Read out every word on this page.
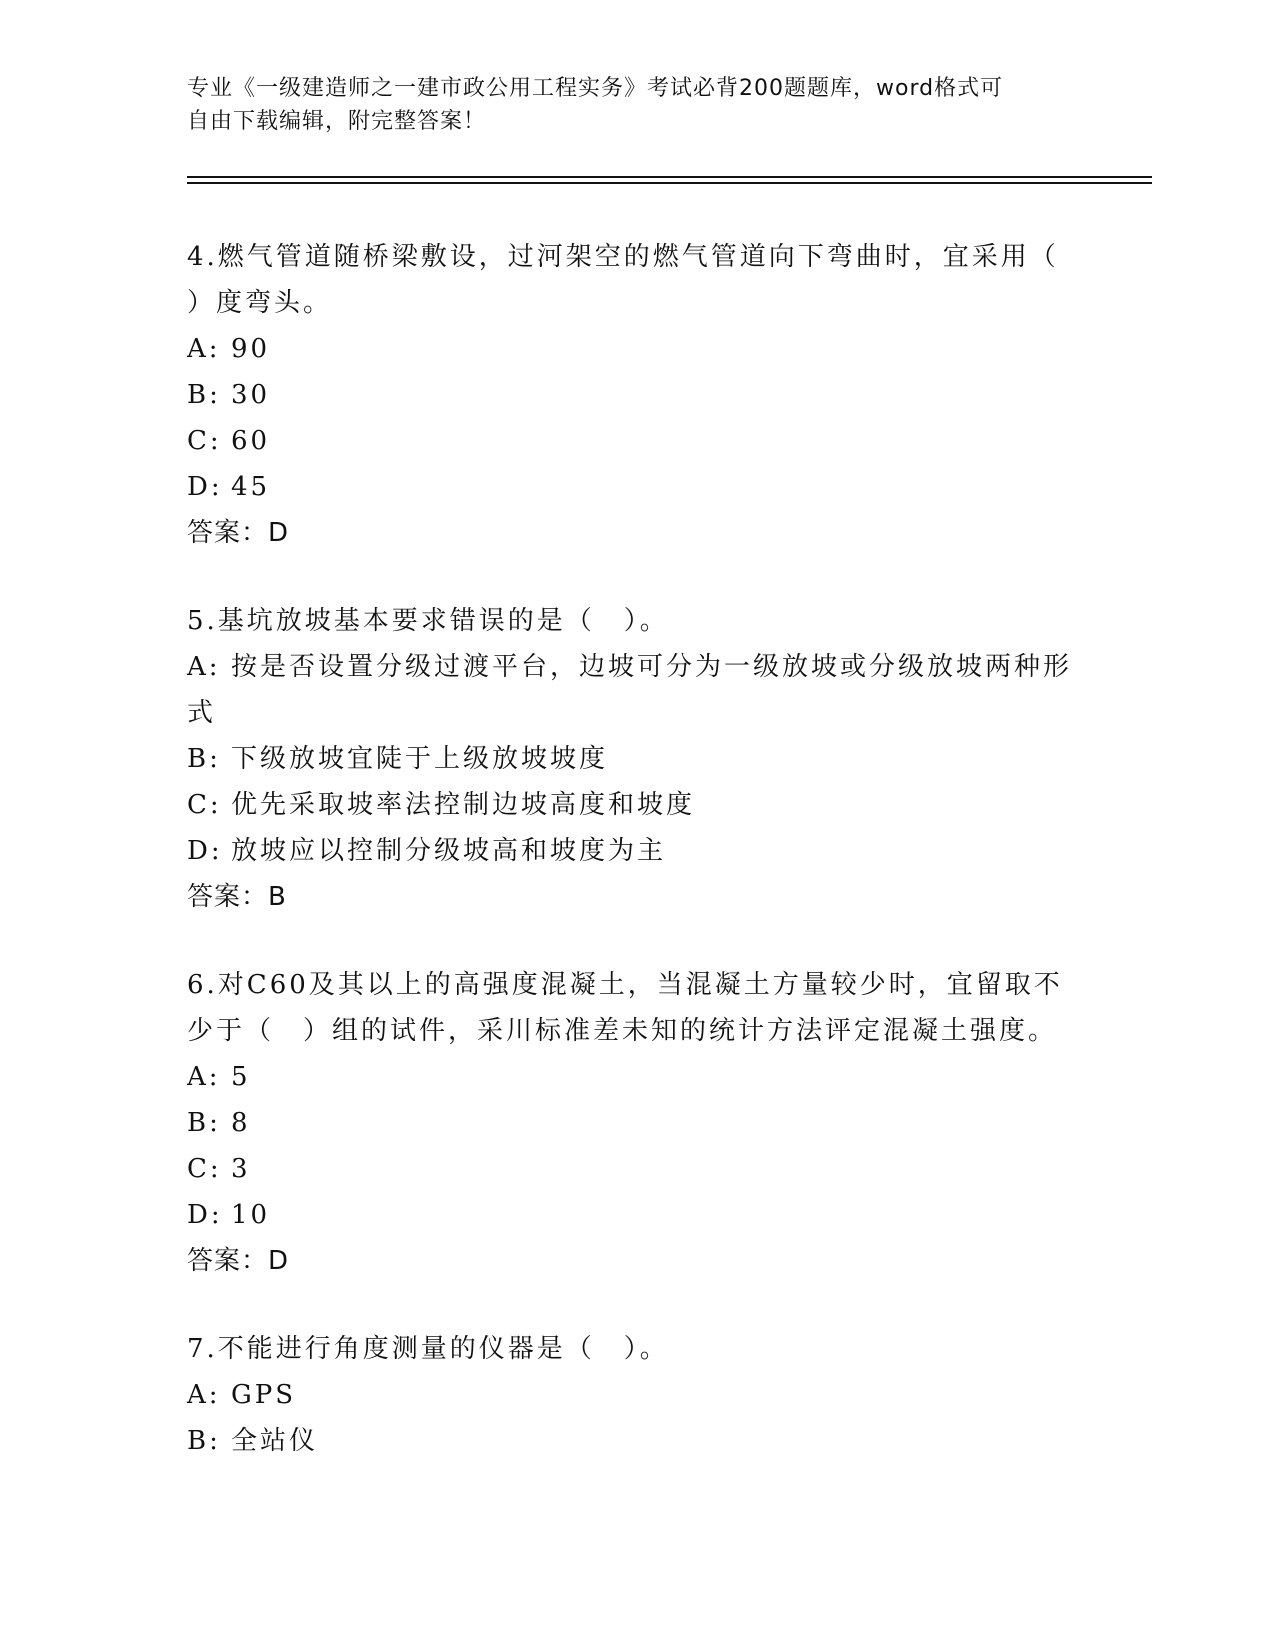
专业《一级建造师之一建市政公用工程实务》考试必背200题题库，word格式可
自由下载编辑，附完整答案！

4.燃气管道随桥梁敷设，过河架空的燃气管道向下弯曲时，宜采用（

）度弯头。

A: 90

B: 30

C: 60

D: 45

答案：D

5.基坑放坡基本要求错误的是（　）。

A: 按是否设置分级过渡平台，边坡可分为一级放坡或分级放坡两种形

式

B: 下级放坡宜陡于上级放坡坡度

C: 优先采取坡率法控制边坡高度和坡度

D: 放坡应以控制分级坡高和坡度为主

答案：B

6.对C60及其以上的高强度混凝土，当混凝土方量较少时，宜留取不

少于（　）组的试件，采川标准差未知的统计方法评定混凝土强度。

A: 5

B: 8

C: 3

D: 10

答案：D

7.不能进行角度测量的仪器是（　）。

A: GPS

B: 全站仪
